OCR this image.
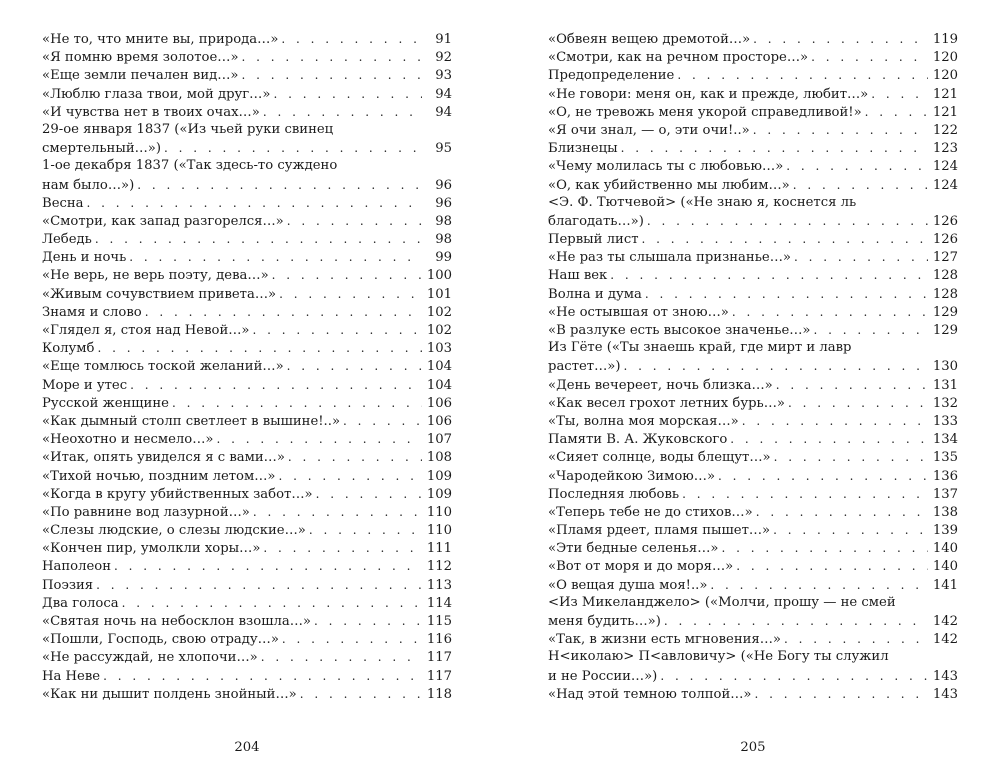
«Не то, что мните вы, природа…» . . .	91
«Я помню время золотое…» . . .	92
«Еще земли печален вид…» . . .	93
«Люблю глаза твои, мой друг…» . . .	94
«И чувства нет в твоих очах…» . . .	94
29-ое января 1837 («Из чьей руки свинец
смертельный…») . . .	95
1-ое декабря 1837 («Так здесь-то суждено
нам было…») . . .	96
Весна . . .	96
«Смотри, как запад разгорелся…» . . .	98
Лебедь . . .	98
День и ночь . . .	99
«Не верь, не верь поэту, дева…» . . .	100
«Живым сочувствием привета…» . . .	101
Знамя и слово . . .	102
«Глядел я, стоя над Невой…» . . .	102
Колумб . . .	103
«Еще томлюсь тоской желаний…» . . .	104
Море и утес . . .	104
Русской женщине . . .	106
«Как дымный столп светлеет в вышине!..» . . .	106
«Неохотно и несмело…» . . .	107
«Итак, опять увиделся я с вами…» . . .	108
«Тихой ночью, поздним летом…» . . .	109
«Когда в кругу убийственных забот…» . . .	109
«По равнине вод лазурной…» . . .	110
«Слезы людские, о слезы людские…» . . .	110
«Кончен пир, умолкли хоры…» . . .	111
Наполеон . . .	112
Поэзия . . .	113
Два голоса . . .	114
«Святая ночь на небосклон взошла…» . . .	115
«Пошли, Господь, свою отраду…» . . .	116
«Не рассуждай, не хлопочи…» . . .	117
На Неве . . .	117
«Как ни дышит полдень знойный…» . . .	118
204
«Обвеян вещею дремотой…» . . .	119
«Смотри, как на речном просторе…» . . .	120
Предопределение . . .	120
«Не говори: меня он, как и прежде, любит…» . . .	121
«О, не тревожь меня укорой справедливой!» . . .	121
«Я очи знал, — о, эти очи!..» . . .	122
Близнецы . . .	123
«Чему молилась ты с любовью…» . . .	124
«О, как убийственно мы любим…» . . .	124
<Э. Ф. Тютчевой> («Не знаю я, коснется ль
благодать…») . . .	126
Первый лист . . .	126
«Не раз ты слышала признанье…» . . .	127
Наш век . . .	128
Волна и дума . . .	128
«Не остывшая от зною…» . . .	129
«В разлуке есть высокое значенье…» . . .	129
Из Гёте («Ты знаешь край, где мирт и лавр
растет…») . . .	130
«День вечереет, ночь близка…» . . .	131
«Как весел грохот летних бурь…» . . .	132
«Ты, волна моя морская…» . . .	133
Памяти В. А. Жуковского . . .	134
«Сияет солнце, воды блещут…» . . .	135
«Чародейкою Зимою…» . . .	136
Последняя любовь . . .	137
«Теперь тебе не до стихов…» . . .	138
«Пламя рдеет, пламя пышет…» . . .	139
«Эти бедные селенья…» . . .	140
«Вот от моря и до моря…» . . .	140
«О вещая душа моя!..» . . .	141
<Из Микеланджело> («Молчи, прошу — не смей
меня будить…») . . .	142
«Так, в жизни есть мгновения…» . . .	142
Н<иколаю> П<авловичу> («Не Богу ты служил
и не России…») . . .	143
«Над этой темною толпой…» . . .	143
205
